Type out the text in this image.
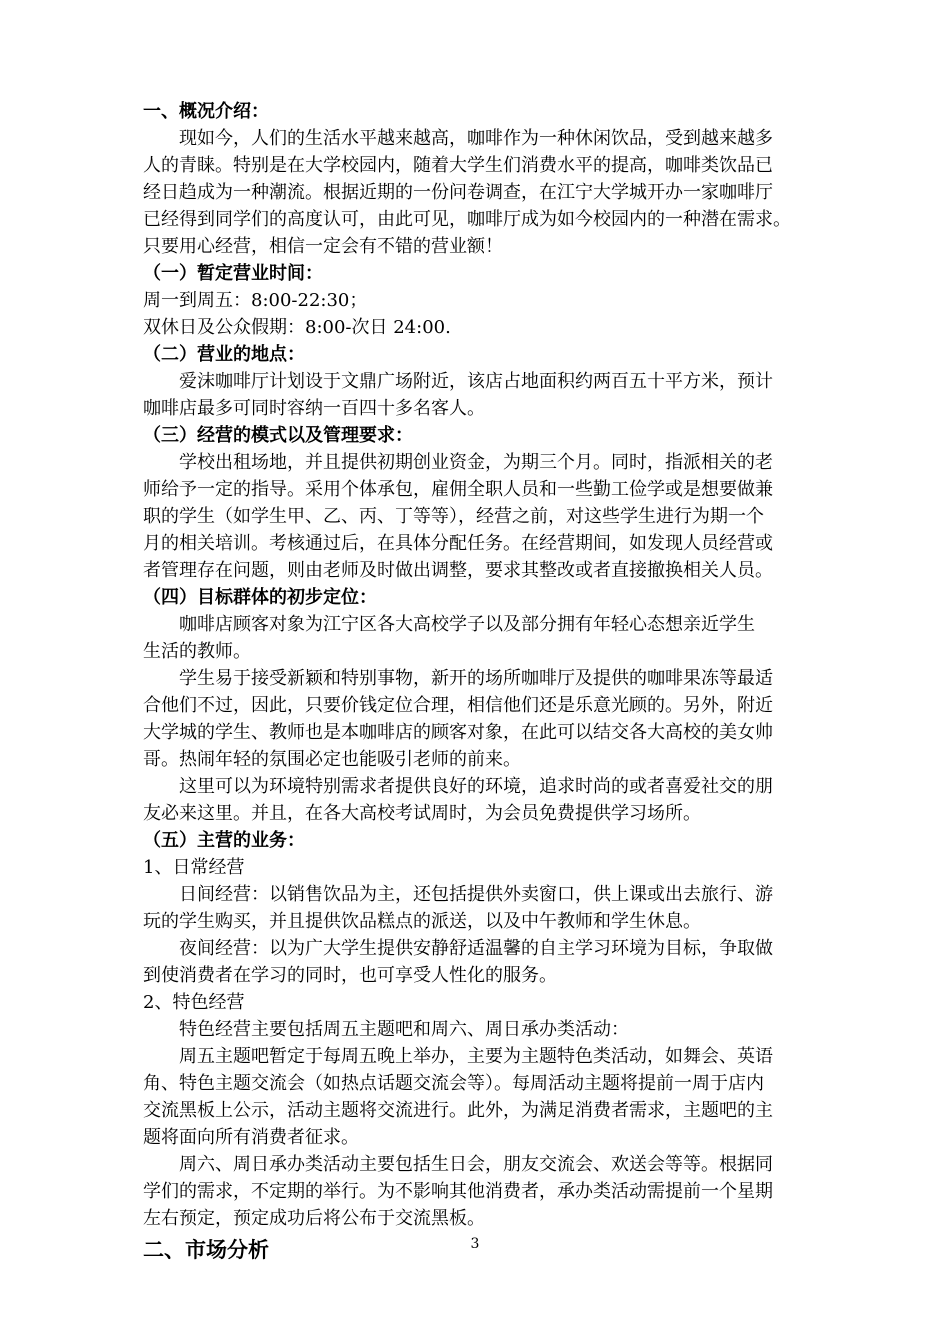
一、概况介绍：
现如今，人们的生活水平越来越高，咖啡作为一种休闲饮品，受到越来越多
人的青睐。特别是在大学校园内，随着大学生们消费水平的提高，咖啡类饮品已
经日趋成为一种潮流。根据近期的一份问卷调查，在江宁大学城开办一家咖啡厅
已经得到同学们的高度认可，由此可见，咖啡厅成为如今校园内的一种潜在需求。
只要用心经营，相信一定会有不错的营业额！
（一）暂定营业时间：
周一到周五：8:00-22:30；
双休日及公众假期：8:00-次日 24:00.
（二）营业的地点：
爱沫咖啡厅计划设于文鼎广场附近，该店占地面积约两百五十平方米，预计
咖啡店最多可同时容纳一百四十多名客人。
（三）经营的模式以及管理要求：
学校出租场地，并且提供初期创业资金，为期三个月。同时，指派相关的老
师给予一定的指导。采用个体承包，雇佣全职人员和一些勤工俭学或是想要做兼
职的学生（如学生甲、乙、丙、丁等等），经营之前，对这些学生进行为期一个
月的相关培训。考核通过后，在具体分配任务。在经营期间，如发现人员经营或
者管理存在问题，则由老师及时做出调整，要求其整改或者直接撤换相关人员。
（四）目标群体的初步定位：
咖啡店顾客对象为江宁区各大高校学子以及部分拥有年轻心态想亲近学生
生活的教师。
学生易于接受新颖和特别事物，新开的场所咖啡厅及提供的咖啡果冻等最适
合他们不过，因此，只要价钱定位合理，相信他们还是乐意光顾的。另外，附近
大学城的学生、教师也是本咖啡店的顾客对象，在此可以结交各大高校的美女帅
哥。热闹年轻的氛围必定也能吸引老师的前来。
这里可以为环境特别需求者提供良好的环境，追求时尚的或者喜爱社交的朋
友必来这里。并且，在各大高校考试周时，为会员免费提供学习场所。
（五）主营的业务：
1、日常经营
日间经营：以销售饮品为主，还包括提供外卖窗口，供上课或出去旅行、游
玩的学生购买，并且提供饮品糕点的派送，以及中午教师和学生休息。
夜间经营：以为广大学生提供安静舒适温馨的自主学习环境为目标，争取做
到使消费者在学习的同时，也可享受人性化的服务。
2、特色经营
特色经营主要包括周五主题吧和周六、周日承办类活动：
周五主题吧暂定于每周五晚上举办，主要为主题特色类活动，如舞会、英语
角、特色主题交流会（如热点话题交流会等）。每周活动主题将提前一周于店内
交流黑板上公示，活动主题将交流进行。此外，为满足消费者需求，主题吧的主
题将面向所有消费者征求。
周六、周日承办类活动主要包括生日会，朋友交流会、欢送会等等。根据同
学们的需求，不定期的举行。为不影响其他消费者，承办类活动需提前一个星期
左右预定，预定成功后将公布于交流黑板。
二、市场分析	3
